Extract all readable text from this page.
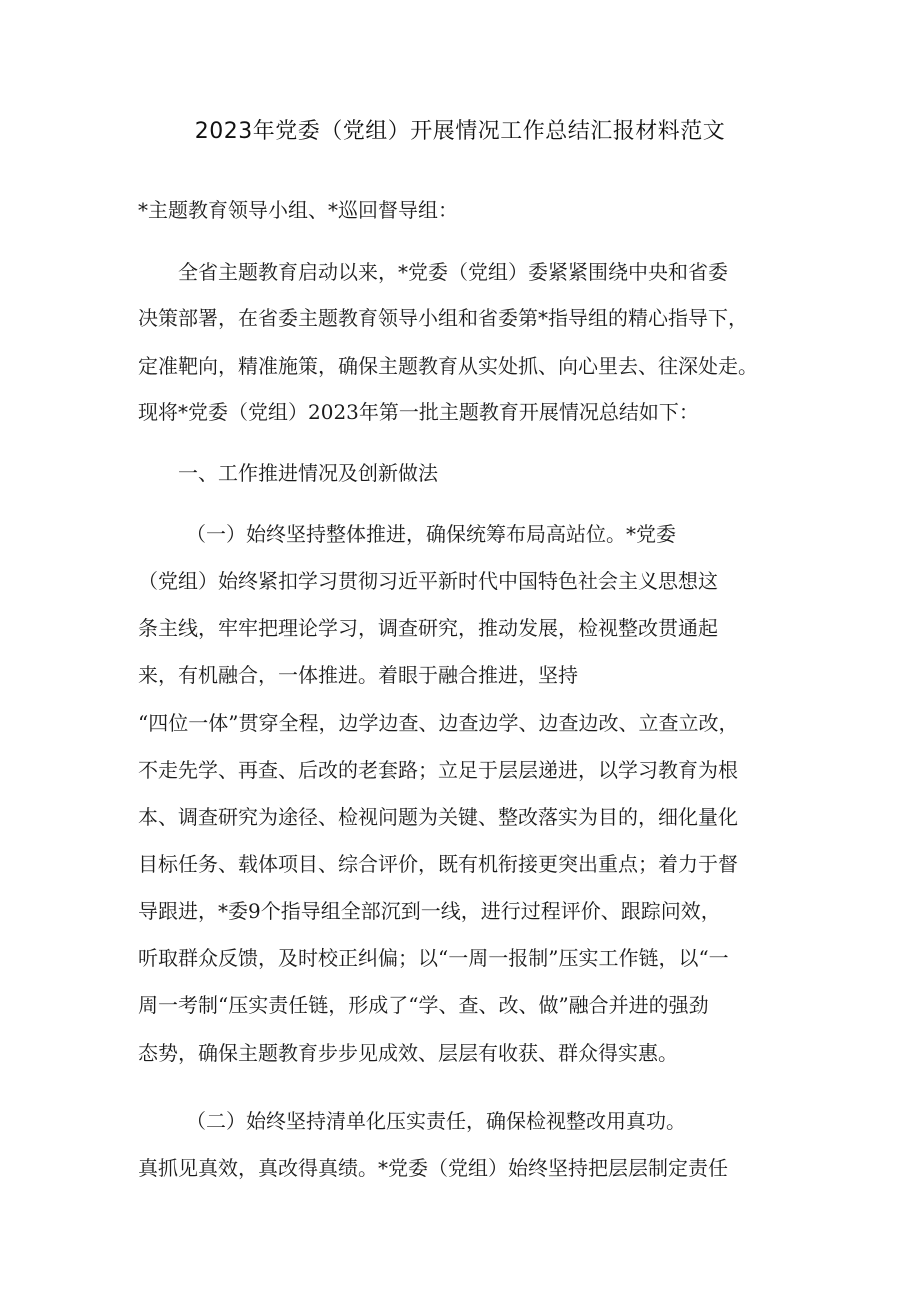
2023年党委（党组）开展情况工作总结汇报材料范文
*主题教育领导小组、*巡回督导组：
全省主题教育启动以来，*党委（党组）委紧紧围绕中央和省委
决策部署，在省委主题教育领导小组和省委第*指导组的精心指导下，
定准靶向，精准施策，确保主题教育从实处抓、向心里去、往深处走。
现将*党委（党组）2023年第一批主题教育开展情况总结如下：
一、工作推进情况及创新做法
（一）始终坚持整体推进，确保统筹布局高站位。*党委
（党组）始终紧扣学习贯彻习近平新时代中国特色社会主义思想这
条主线，牢牢把理论学习，调查研究，推动发展，检视整改贯通起
来，有机融合，一体推进。着眼于融合推进，坚持
“四位一体”贯穿全程，边学边查、边查边学、边查边改、立查立改，
不走先学、再查、后改的老套路；立足于层层递进，以学习教育为根
本、调查研究为途径、检视问题为关键、整改落实为目的，细化量化
目标任务、载体项目、综合评价，既有机衔接更突出重点；着力于督
导跟进，*委9个指导组全部沉到一线，进行过程评价、跟踪问效，
听取群众反馈，及时校正纠偏；以“一周一报制”压实工作链，以“一
周一考制“压实责任链，形成了“学、查、改、做”融合并进的强劲
态势，确保主题教育步步见成效、层层有收获、群众得实惠。
（二）始终坚持清单化压实责任，确保检视整改用真功。
真抓见真效，真改得真绩。*党委（党组）始终坚持把层层制定责任
